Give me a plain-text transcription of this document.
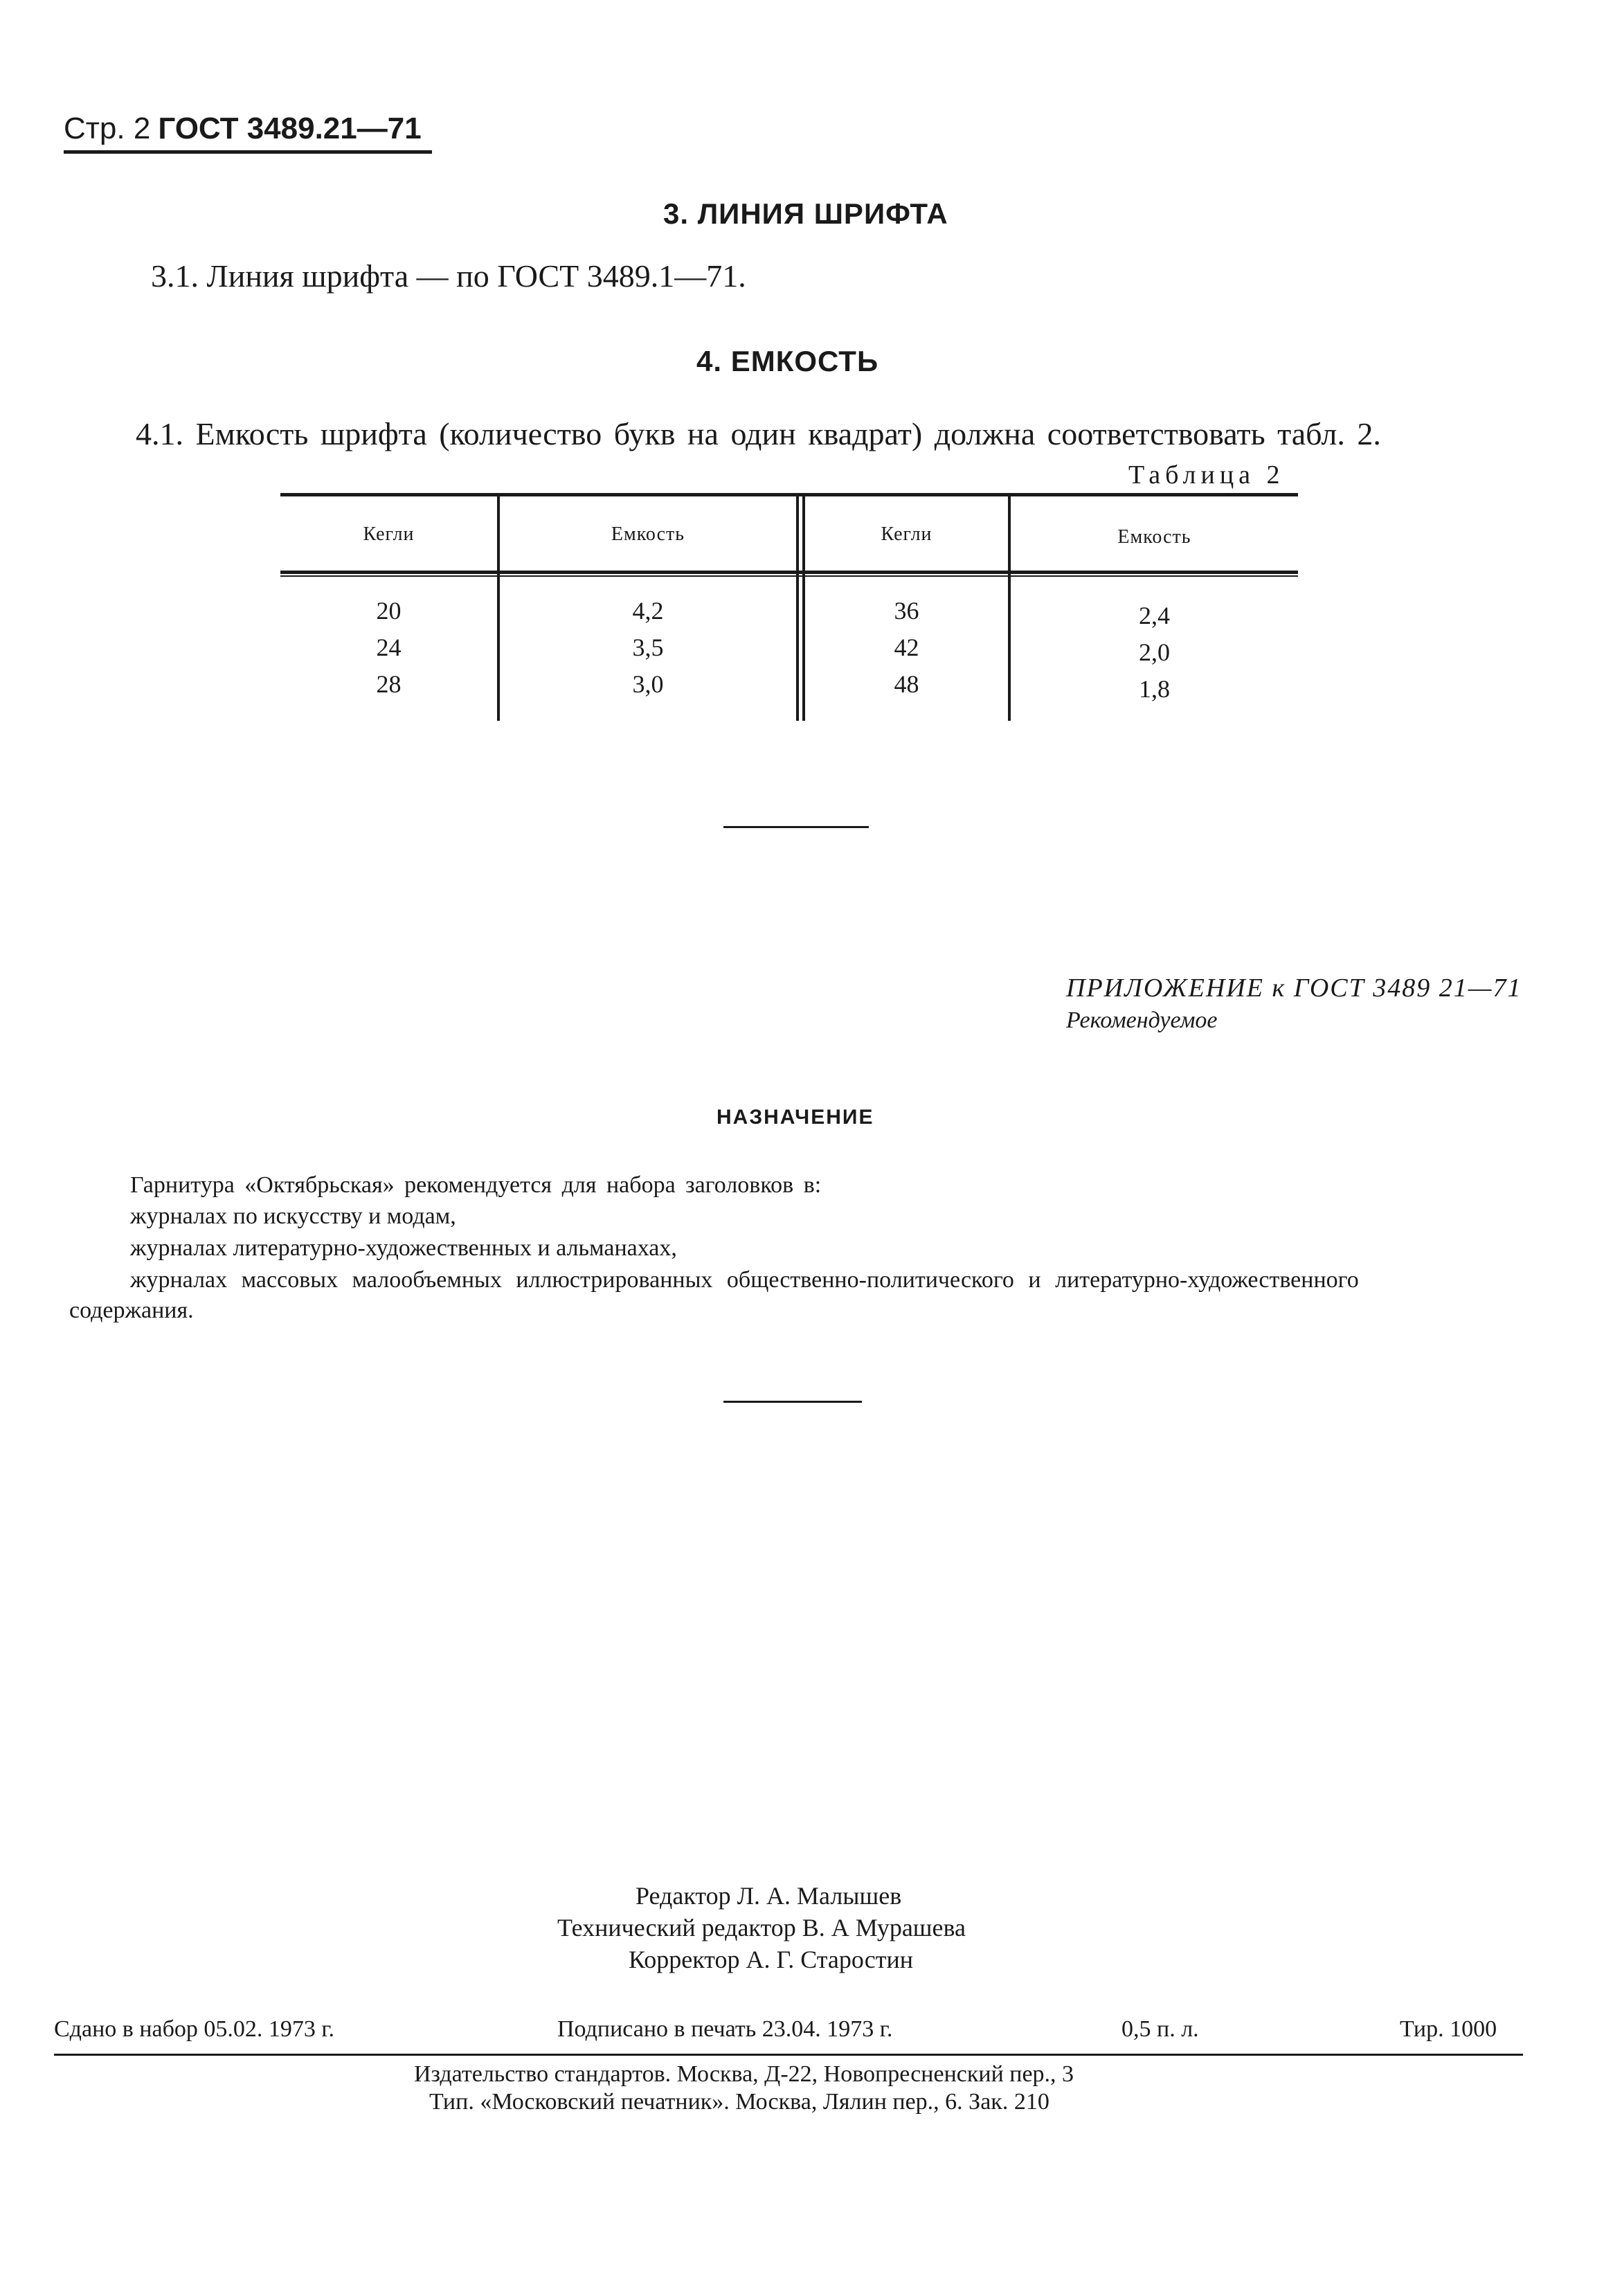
Стр. 2 ГОСТ 3489.21—71
3. ЛИНИЯ ШРИФТА
3.1. Линия шрифта — по ГОСТ 3489.1—71.
4. ЕМКОСТЬ
4.1. Емкость шрифта (количество букв на один квадрат) должна соответствовать табл. 2.
Таблица 2
Кегли	Емкость	Кегли	Емкость
20	4,2	36	2,4
24	3,5	42	2,0
28	3,0	48	1,8
ПРИЛОЖЕНИЕ к ГОСТ 3489 21—71
Рекомендуемое
НАЗНАЧЕНИЕ
Гарнитура «Октябрьская» рекомендуется для набора заголовков в:
журналах по искусству и модам,
журналах литературно-художественных и альманахах,
журналах массовых малообъемных иллюстрированных общественно-политического и литературно-художественного
содержания.
Редактор Л. А. Малышев
Технический редактор В. А Мурашева
Корректор А. Г. Старостин
Сдано в набор 05.02. 1973 г.	Подписано в печать 23.04. 1973 г.	0,5 п. л.	Тир. 1000
Издательство стандартов. Москва, Д-22, Новопресненский пер., 3
Тип. «Московский печатник». Москва, Лялин пер., 6. Зак. 210
